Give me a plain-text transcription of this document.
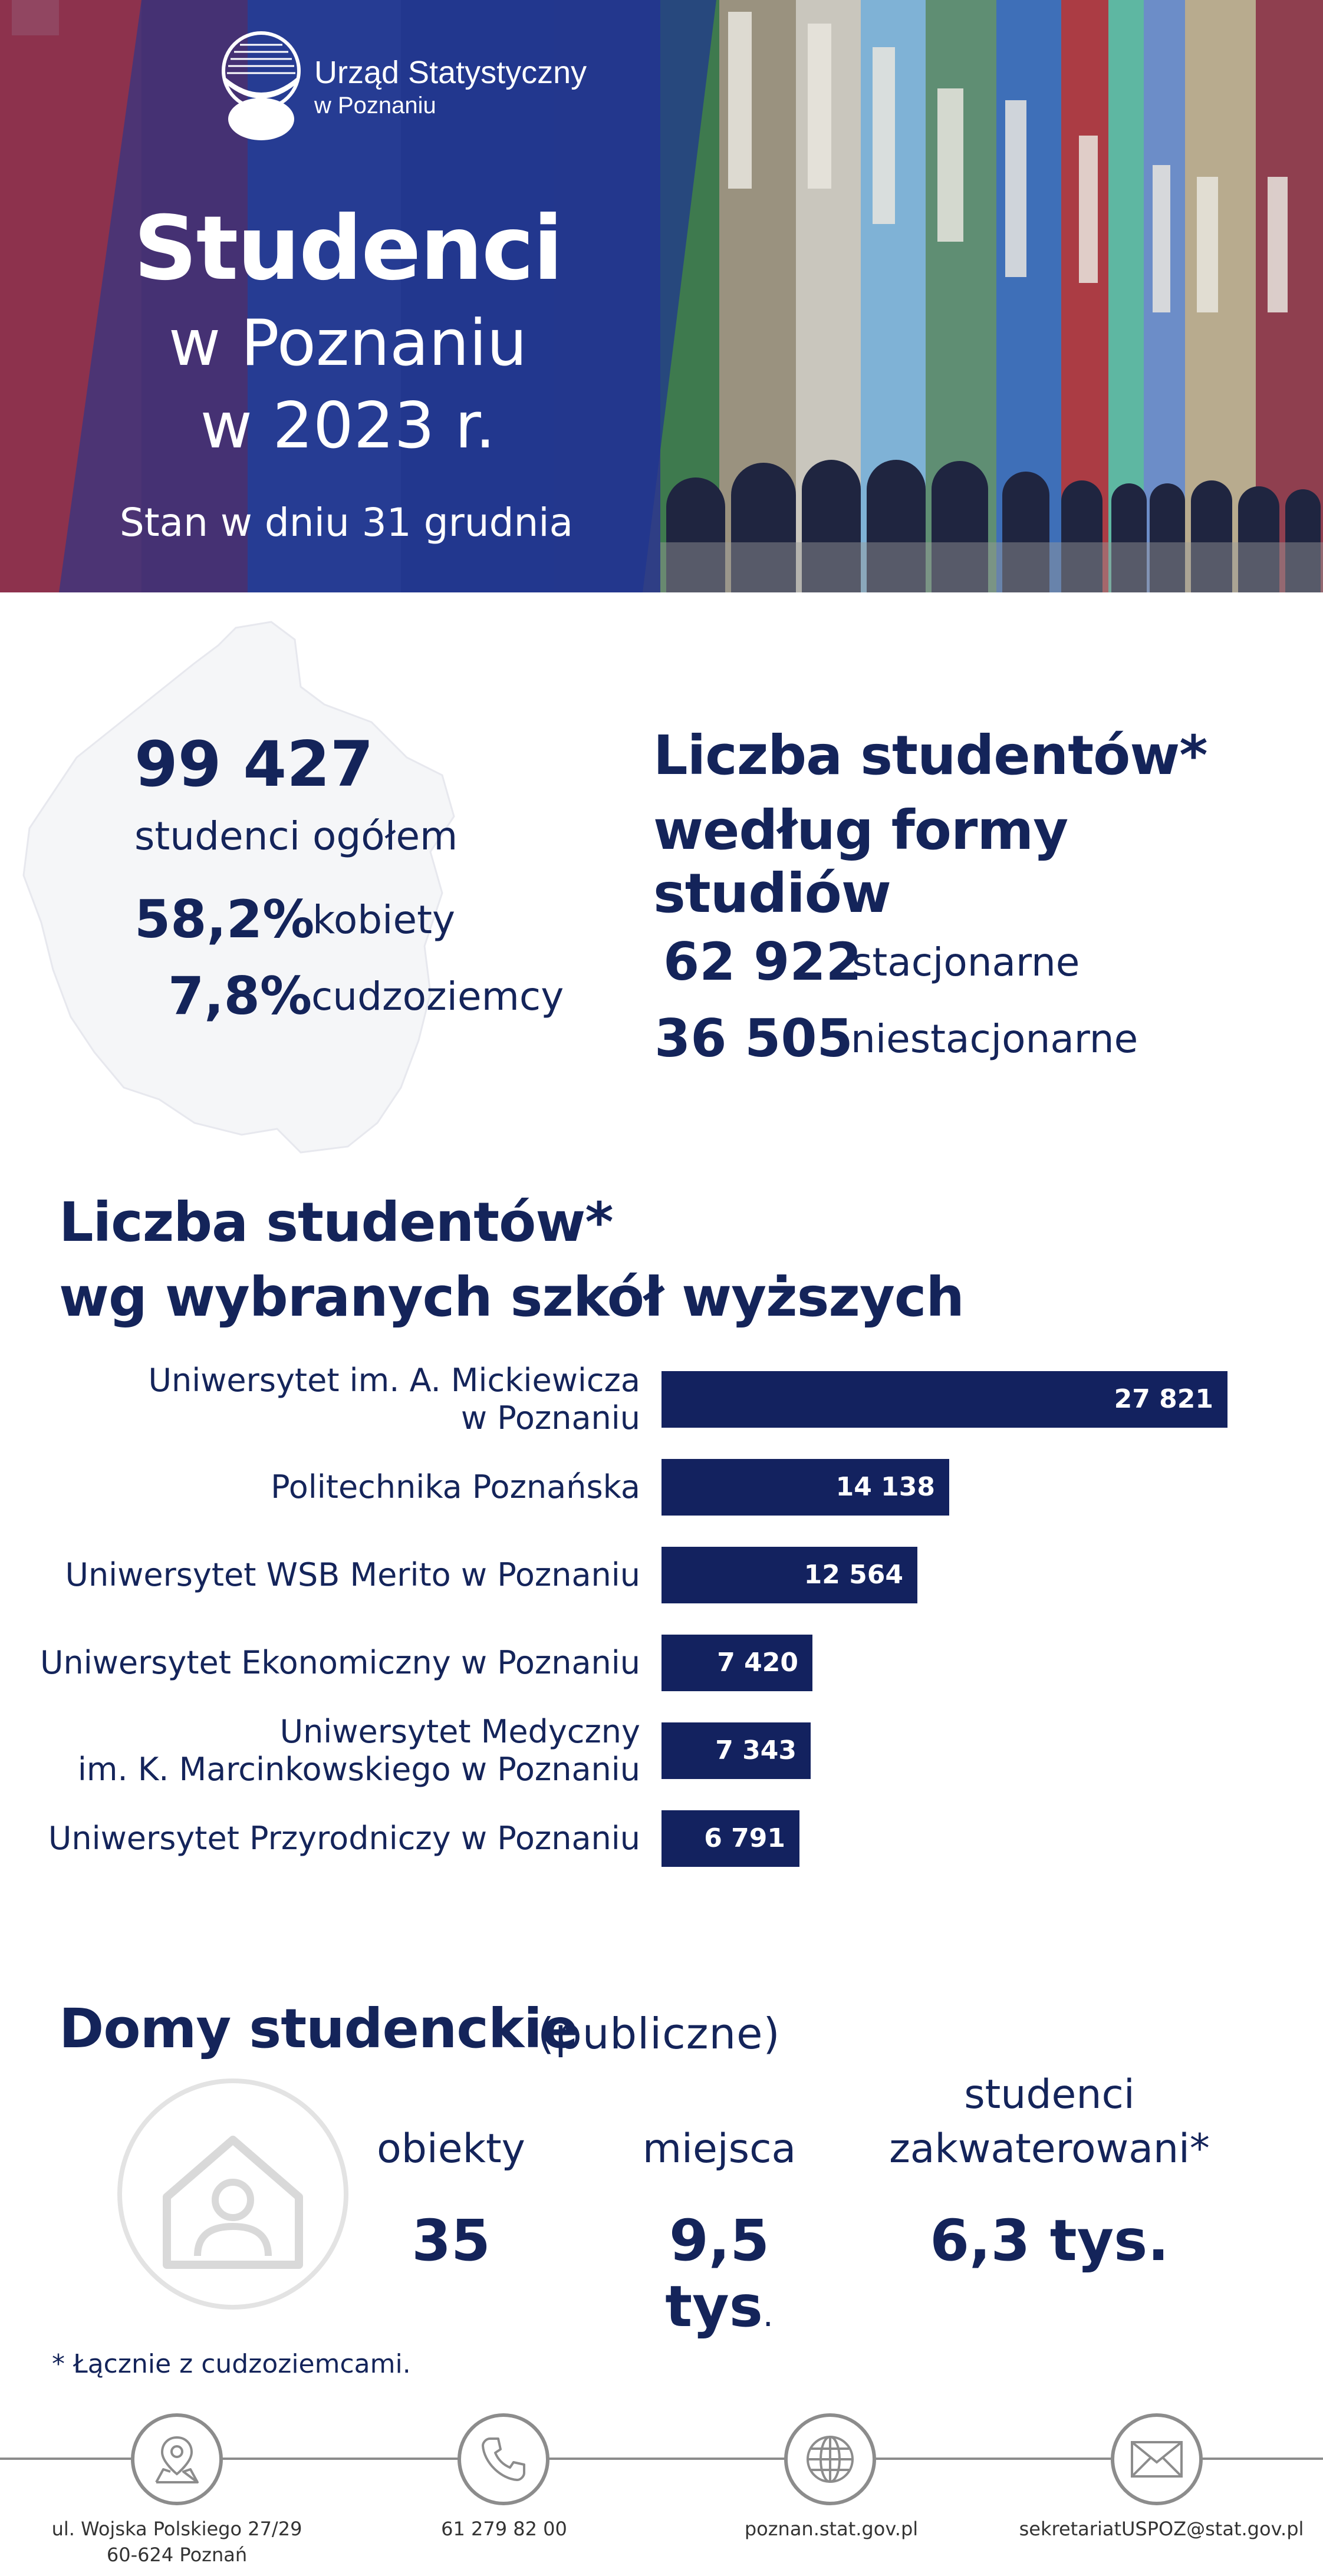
Urząd Statystyczny
w Poznaniu
Studenci
w Poznaniu
w 2023 r.
Stan w dniu 31 grudnia
99 427
studenci ogółem
58,2%
kobiety
7,8%
cudzoziemcy
Liczba studentów*
według formy studiów
62 922
stacjonarne
36 505
niestacjonarne
Liczba studentów*
wg wybranych szkół wyższych
Uniwersytet im. A. Mickiewicza
w Poznaniu
27 821
Politechnika Poznańska	14 138
Uniwersytet WSB Merito w Poznaniu	12 564
Uniwersytet Ekonomiczny w Poznaniu	7 420
Uniwersytet Medyczny
im. K. Marcinkowskiego w Poznaniu
7 343
Uniwersytet Przyrodniczy w Poznaniu 6 791
Domy studenckie
(publiczne)
obiekty
35
miejsca
9,5 tys.
studenci
zakwaterowani*
6,3 tys.
* Łącznie z cudzoziemcami.
ul. Wojska Polskiego 27/29
60-624 Poznań
61 279 82 00	poznan.stat.gov.pl	sekretariatUSPOZ@stat.gov.pl
